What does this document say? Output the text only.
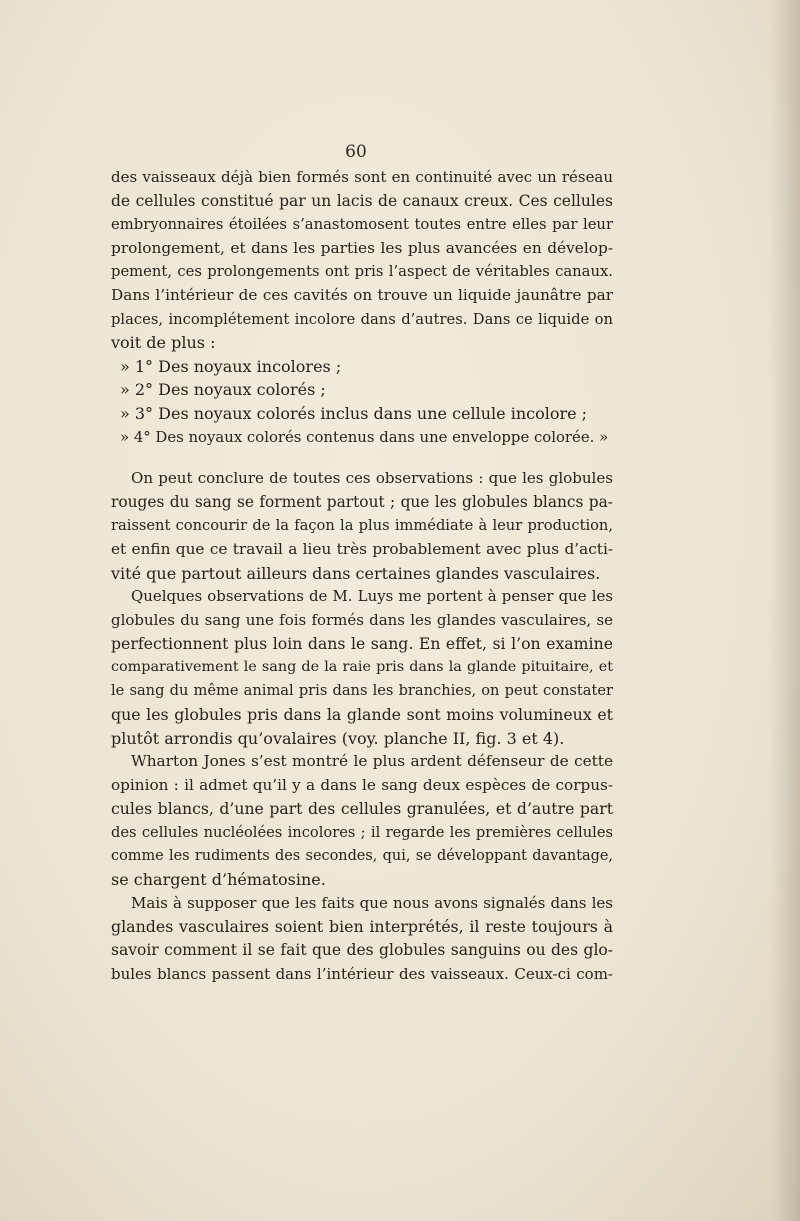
60

des vaisseaux déjà bien formés sont en continuité avec un réseau
de cellules constitué par un lacis de canaux creux. Ces cellules
embryonnaires étoilées s’anastomosent toutes entre elles par leur
prolongement, et dans les parties les plus avancées en dévelop-
pement, ces prolongements ont pris l’aspect de véritables canaux.
Dans l’intérieur de ces cavités on trouve un liquide jaunâtre par
places, incomplétement incolore dans d’autres. Dans ce liquide on
voit de plus :

» 1° Des noyaux incolores ;
» 2° Des noyaux colorés ;
» 3° Des noyaux colorés inclus dans une cellule incolore ;
» 4° Des noyaux colorés contenus dans une enveloppe colorée. »

On peut conclure de toutes ces observations : que les globules
rouges du sang se forment partout ; que les globules blancs pa-
raissent concourir de la façon la plus immédiate à leur production,
et enfin que ce travail a lieu très probablement avec plus d’acti-
vité que partout ailleurs dans certaines glandes vasculaires.

Quelques observations de M. Luys me portent à penser que les
globules du sang une fois formés dans les glandes vasculaires, se
perfectionnent plus loin dans le sang. En effet, si l’on examine
comparativement le sang de la raie pris dans la glande pituitaire, et
le sang du même animal pris dans les branchies, on peut constater
que les globules pris dans la glande sont moins volumineux et
plutôt arrondis qu’ovalaires (voy. planche II, fig. 3 et 4).

Wharton Jones s’est montré le plus ardent défenseur de cette
opinion : il admet qu’il y a dans le sang deux espèces de corpus-
cules blancs, d’une part des cellules granulées, et d’autre part
des cellules nucléolées incolores ; il regarde les premières cellules
comme les rudiments des secondes, qui, se développant davantage,
se chargent d’hématosine.

Mais à supposer que les faits que nous avons signalés dans les
glandes vasculaires soient bien interprétés, il reste toujours à
savoir comment il se fait que des globules sanguins ou des glo-
bules blancs passent dans l’intérieur des vaisseaux. Ceux-ci com-
